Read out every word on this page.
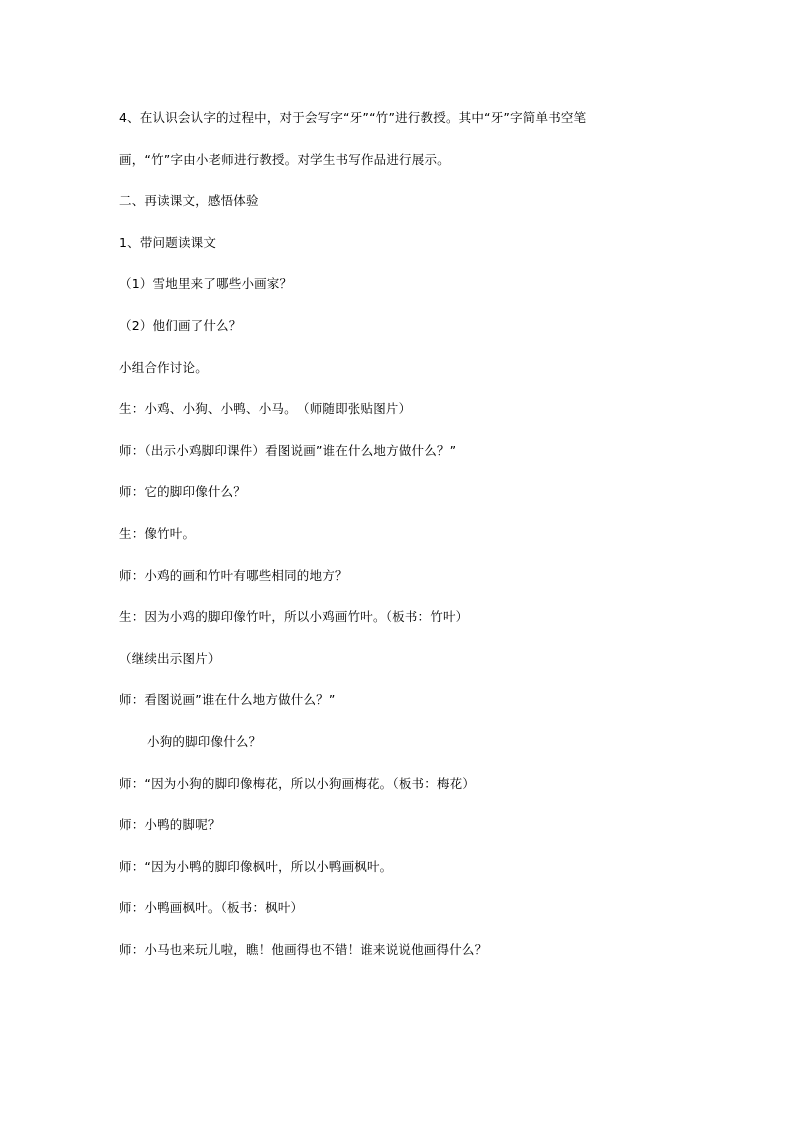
4、在认识会认字的过程中，对于会写字“牙”“竹”进行教授。其中“牙”字简单书空笔
画，“竹”字由小老师进行教授。对学生书写作品进行展示。
二、再读课文，感悟体验
1、带问题读课文
（1）雪地里来了哪些小画家？
（2）他们画了什么？
小组合作讨论。
生：小鸡、小狗、小鸭、小马。　（师随即张贴图片）
师：（出示小鸡脚印课件）看图说画”谁在什么地方做什么？”
师：它的脚印像什么？
生：像竹叶。
师：小鸡的画和竹叶有哪些相同的地方？
生：因为小鸡的脚印像竹叶，所以小鸡画竹叶。（板书：竹叶）
（继续出示图片）
师：看图说画”谁在什么地方做什么？”
小狗的脚印像什么？
师：“因为小狗的脚印像梅花，所以小狗画梅花。（板书：梅花）
师：小鸭的脚呢？
师：“因为小鸭的脚印像枫叶，所以小鸭画枫叶。
师：小鸭画枫叶。（板书：枫叶）
师：小马也来玩儿啦，瞧！他画得也不错！谁来说说他画得什么？
